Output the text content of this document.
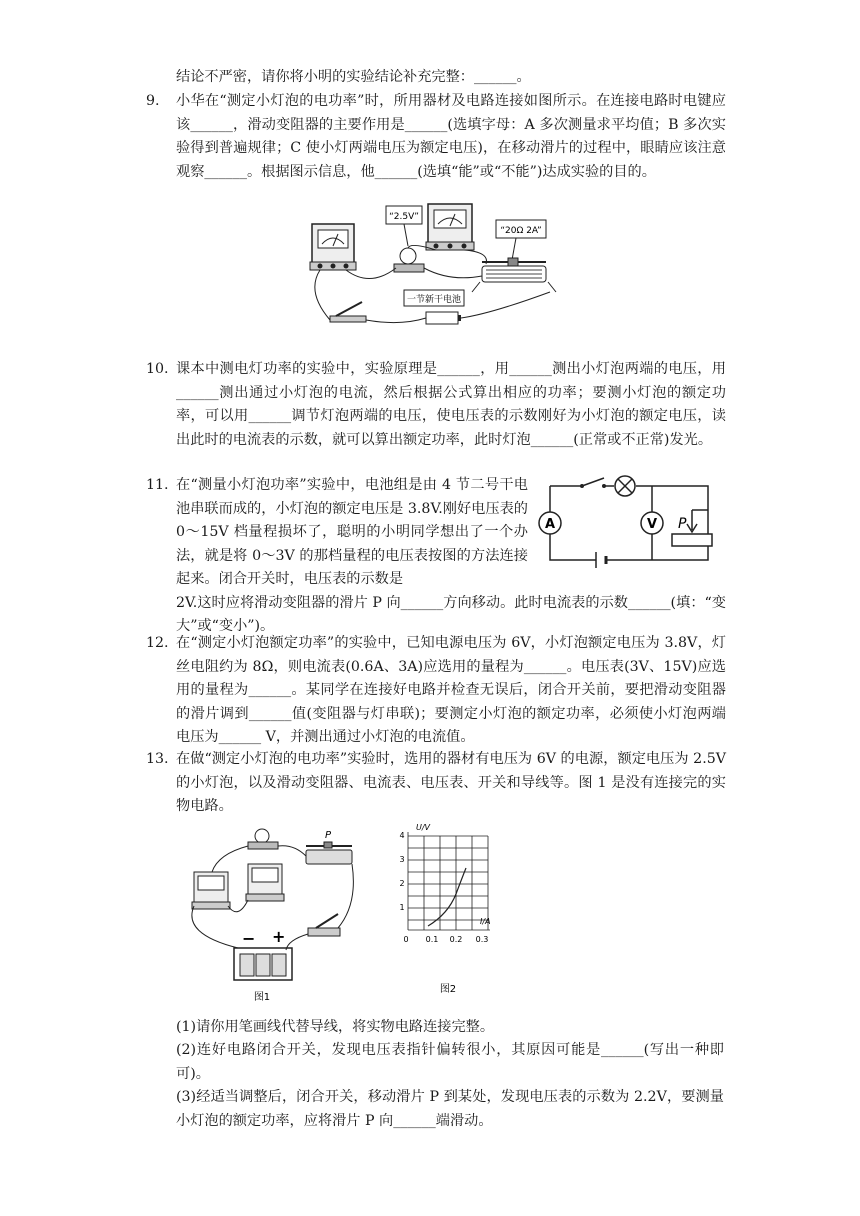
结论不严密，请你将小明的实验结论补充完整：______。
9. 小华在“测定小灯泡的电功率”时，所用器材及电路连接如图所示。在连接电路时电键应该______，滑动变阻器的主要作用是______(选填字母：A 多次测量求平均值；B 多次实验得到普遍规律；C 使小灯两端电压为额定电压)，在移动滑片的过程中，眼睛应该注意观察______。根据图示信息，他______(选填“能”或“不能”)达成实验的目的。
“2.5V”
“20Ω 2A”
一节新干电池
10. 课本中测电灯功率的实验中，实验原理是______，用______测出小灯泡两端的电压，用______测出通过小灯泡的电流，然后根据公式算出相应的功率；要测小灯泡的额定功率，可以用______调节灯泡两端的电压，使电压表的示数刚好为小灯泡的额定电压，读出此时的电流表的示数，就可以算出额定功率，此时灯泡______(正常或不正常)发光。
11. 在“测量小灯泡功率”实验中，电池组是由 4 节二号干电池串联而成的，小灯泡的额定电压是 3.8V.刚好电压表的 0～15V 档量程损坏了，聪明的小明同学想出了一个办法，就是将 0～3V 的那档量程的电压表按图的方法连接起来。闭合开关时，电压表的示数是
2V.这时应将滑动变阻器的滑片 P 向______方向移动。此时电流表的示数______(填：“变大”或“变小”)。
A	V P
12. 在“测定小灯泡额定功率”的实验中，已知电源电压为 6V，小灯泡额定电压为 3.8V，灯丝电阻约为 8Ω，则电流表(0.6A、3A)应选用的量程为______。电压表(3V、15V)应选用的量程为______。某同学在连接好电路并检查无误后，闭合开关前，要把滑动变阻器的滑片调到______值(变阻器与灯串联)；要测定小灯泡的额定功率，必须使小灯泡两端电压为______ V，并测出通过小灯泡的电流值。
13. 在做“测定小灯泡的电功率”实验时，选用的器材有电压为 6V 的电源，额定电压为 2.5V 的小灯泡，以及滑动变阻器、电流表、电压表、开关和导线等。图 1 是没有连接完的实物电路。
P
− +
图1
U/V
I/A
4
3
2
1
0 0.1 0.2 0.3
图2
(1)请你用笔画线代替导线，将实物电路连接完整。
(2)连好电路闭合开关，发现电压表指针偏转很小，其原因可能是______(写出一种即可)。
(3)经适当调整后，闭合开关，移动滑片 P 到某处，发现电压表的示数为 2.2V，要测量小灯泡的额定功率，应将滑片 P 向______端滑动。
